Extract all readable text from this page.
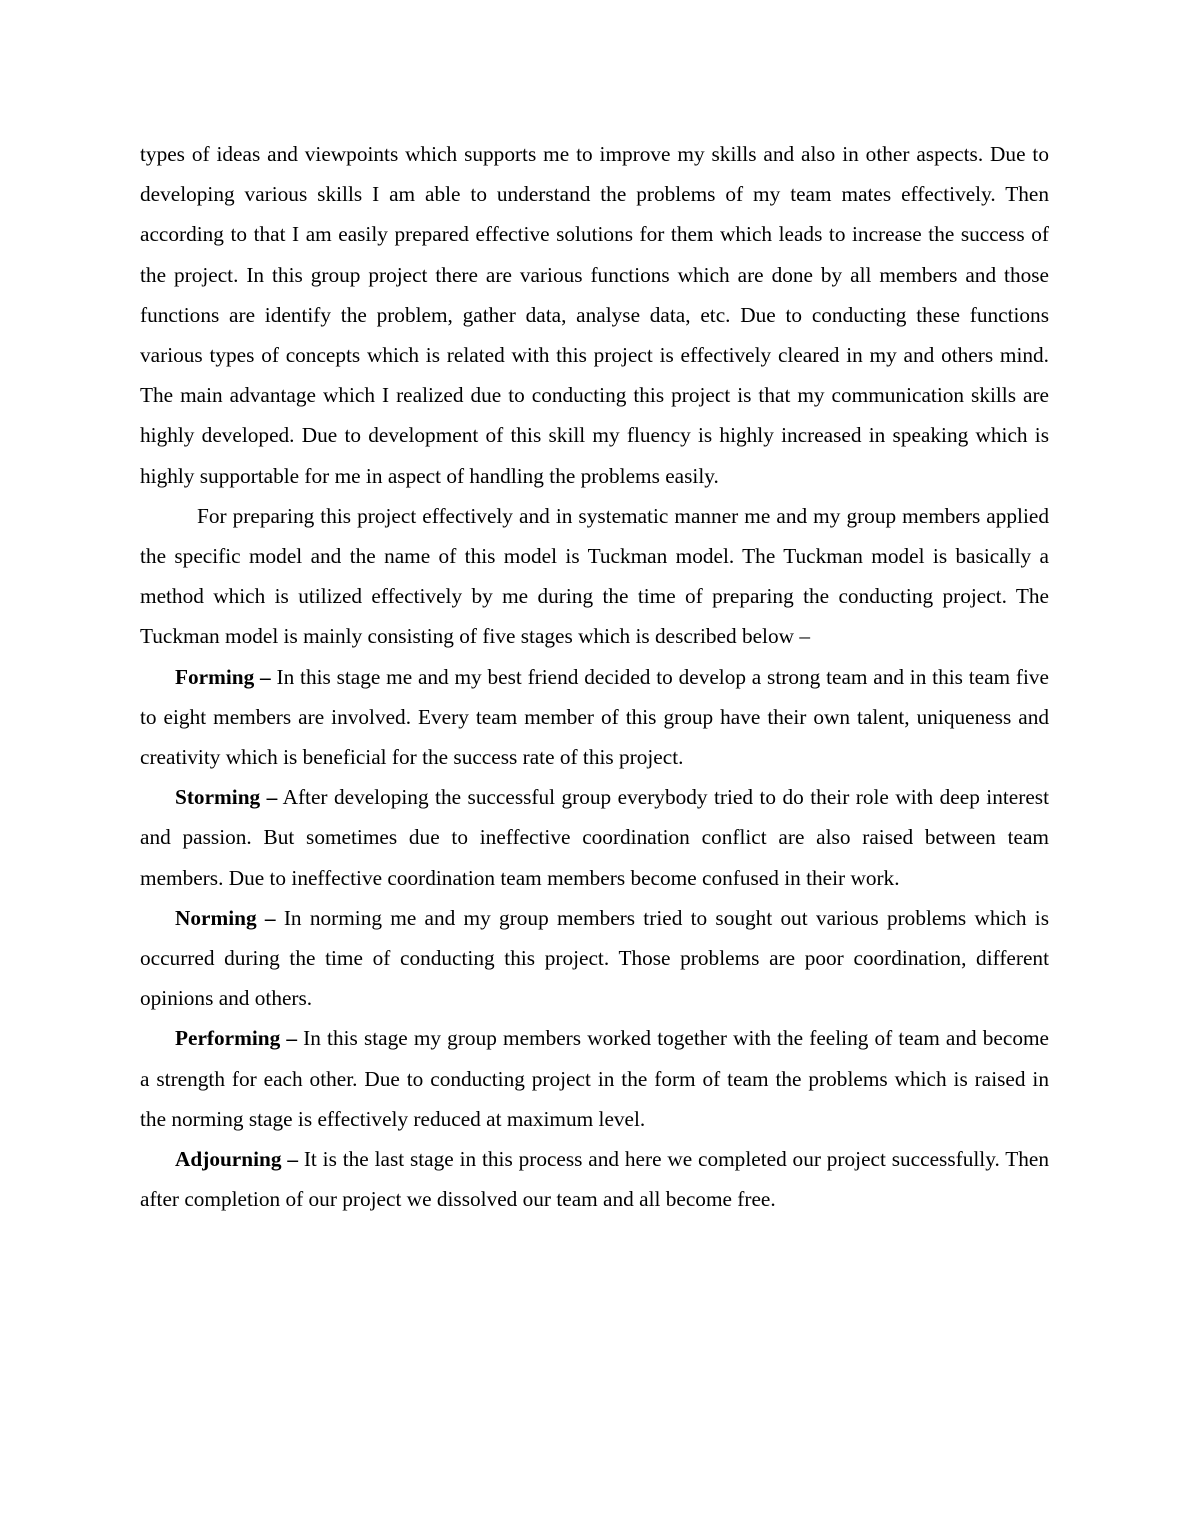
types of ideas and viewpoints which supports me to improve my skills and also in other aspects. Due to developing various skills I am able to understand the problems of my team mates effectively. Then according to that I am easily prepared effective solutions for them which leads to increase the success of the project. In this group project there are various functions which are done by all members and those functions are identify the problem, gather data, analyse data, etc. Due to conducting these functions various types of concepts which is related with this project is effectively cleared in my and others mind. The main advantage which I realized due to conducting this project is that my communication skills are highly developed. Due to development of this skill my fluency is highly increased in speaking which is highly supportable for me in aspect of handling the problems easily.

For preparing this project effectively and in systematic manner me and my group members applied the specific model and the name of this model is Tuckman model. The Tuckman model is basically a method which is utilized effectively by me during the time of preparing the conducting project. The Tuckman model is mainly consisting of five stages which is described below –

Forming – In this stage me and my best friend decided to develop a strong team and in this team five to eight members are involved. Every team member of this group have their own talent, uniqueness and creativity which is beneficial for the success rate of this project.

Storming – After developing the successful group everybody tried to do their role with deep interest and passion. But sometimes due to ineffective coordination conflict are also raised between team members. Due to ineffective coordination team members become confused in their work.

Norming – In norming me and my group members tried to sought out various problems which is occurred during the time of conducting this project. Those problems are poor coordination, different opinions and others.

Performing – In this stage my group members worked together with the feeling of team and become a strength for each other. Due to conducting project in the form of team the problems which is raised in the norming stage is effectively reduced at maximum level.

Adjourning – It is the last stage in this process and here we completed our project successfully. Then after completion of our project we dissolved our team and all become free.
